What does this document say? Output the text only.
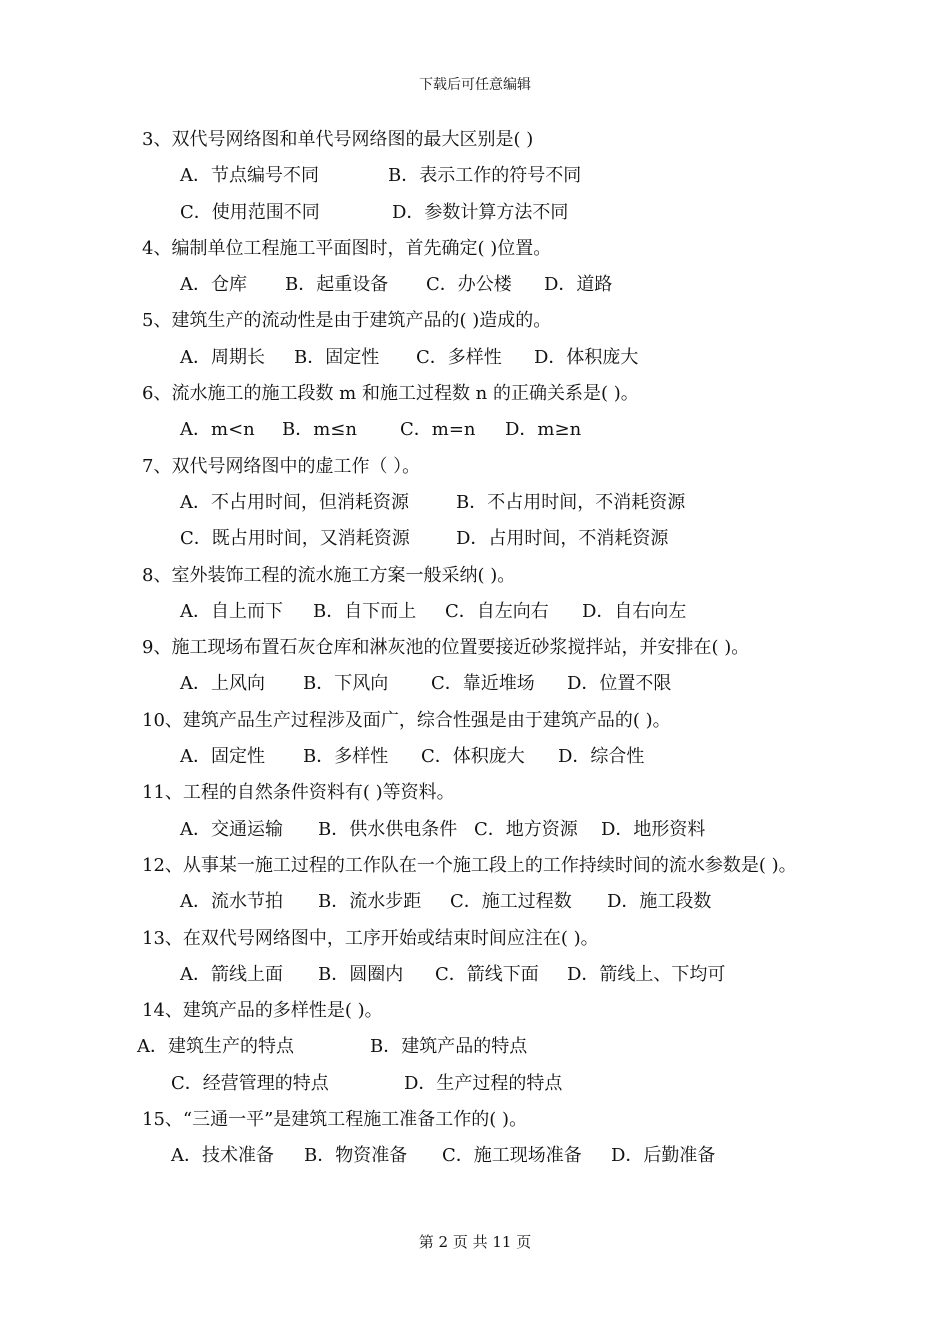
下载后可任意编辑
3、双代号网络图和单代号网络图的最大区别是( )
A．节点编号不同	B．表示工作的符号不同
C．使用范围不同	D．参数计算方法不同
4、编制单位工程施工平面图时，首先确定( )位置。
A．仓库 B．起重设备 C．办公楼 D．道路
5、建筑生产的流动性是由于建筑产品的( )造成的。
A．周期长 B．固定性 C．多样性 D．体积庞大
6、流水施工的施工段数 m 和施工过程数 n 的正确关系是( )。
A．m<n B．m≤n C．m=n D．m≥n
7、双代号网络图中的虚工作（ ）。
A．不占用时间，但消耗资源	B．不占用时间，不消耗资源
C．既占用时间，又消耗资源	D．占用时间，不消耗资源
8、室外装饰工程的流水施工方案一般采纳( )。
A．自上而下 B．自下而上 C．自左向右 D．自右向左
9、施工现场布置石灰仓库和淋灰池的位置要接近砂浆搅拌站，并安排在( )。
A．上风向 B．下风向 C．靠近堆场 D．位置不限
10、建筑产品生产过程涉及面广，综合性强是由于建筑产品的( )。
A．固定性 B．多样性 C．体积庞大 D．综合性
11、工程的自然条件资料有( )等资料。
A．交通运输 B．供水供电条件 C．地方资源 D．地形资料
12、从事某一施工过程的工作队在一个施工段上的工作持续时间的流水参数是( )。
A．流水节拍 B．流水步距 C．施工过程数 D．施工段数
13、在双代号网络图中，工序开始或结束时间应注在( )。
A．箭线上面 B．圆圈内 C．箭线下面 D．箭线上、下均可
14、建筑产品的多样性是( )。
A．建筑生产的特点	B．建筑产品的特点
C．经营管理的特点	D．生产过程的特点
15、“三通一平”是建筑工程施工准备工作的( )。
A．技术准备 B．物资准备 C．施工现场准备 D．后勤准备
第 2 页 共 11 页
